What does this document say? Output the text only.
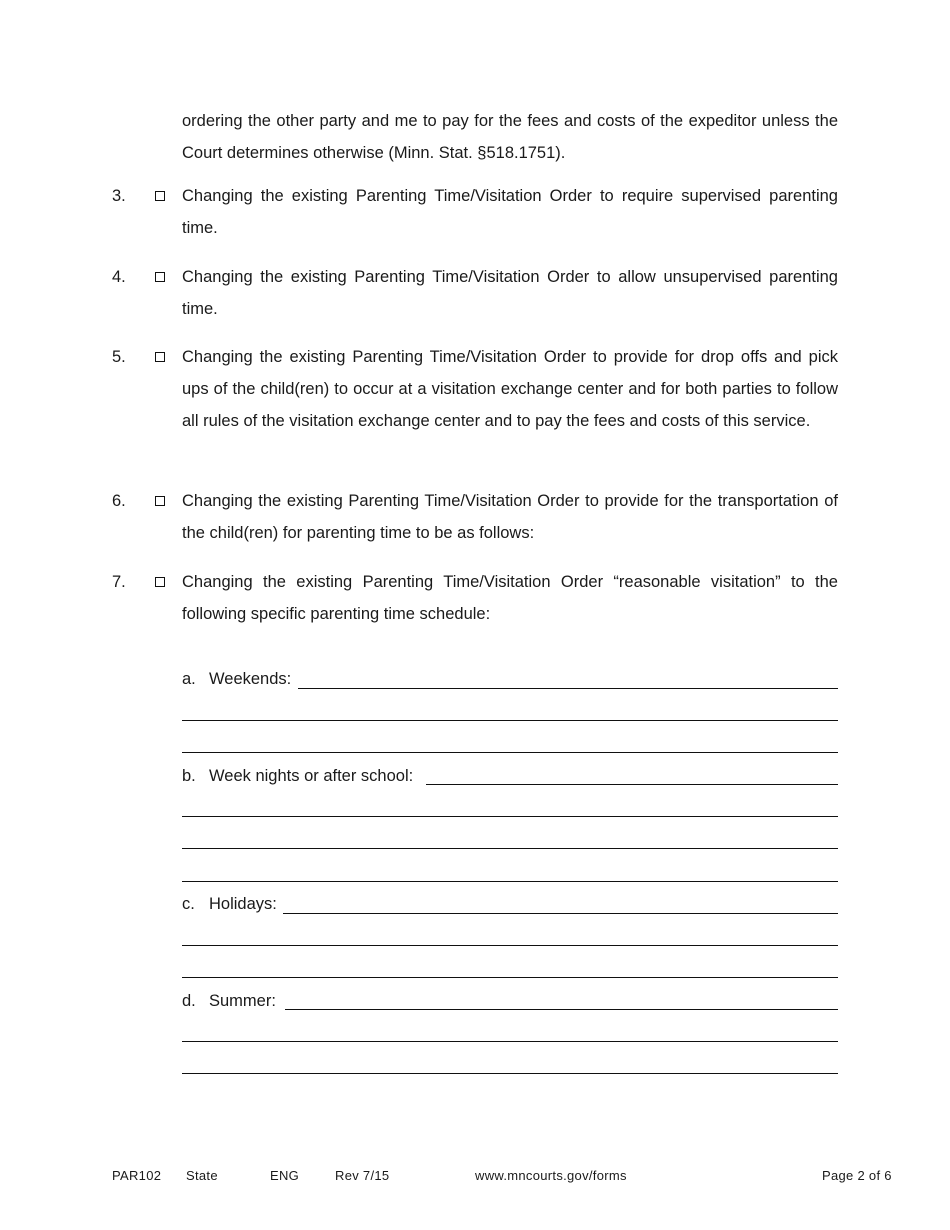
ordering the other party and me to pay for the fees and costs of the expeditor unless the Court determines otherwise (Minn. Stat. §518.1751).
3.	Changing the existing Parenting Time/Visitation Order to require supervised parenting time.
4.	Changing the existing Parenting Time/Visitation Order to allow unsupervised parenting time.
5.	Changing the existing Parenting Time/Visitation Order to provide for drop offs and pick ups of the child(ren) to occur at a visitation exchange center and for both parties to follow all rules of the visitation exchange center and to pay the fees and costs of this service.
6.	Changing the existing Parenting Time/Visitation Order to provide for the transportation of the child(ren) for parenting time to be as follows:
7.	Changing the existing Parenting Time/Visitation Order “reasonable visitation” to the following specific parenting time schedule:
a. Weekends:
b. Week nights or after school:
c. Holidays:
d. Summer:
PAR102 State	ENG	Rev 7/15	www.mncourts.gov/forms	Page 2 of 6
